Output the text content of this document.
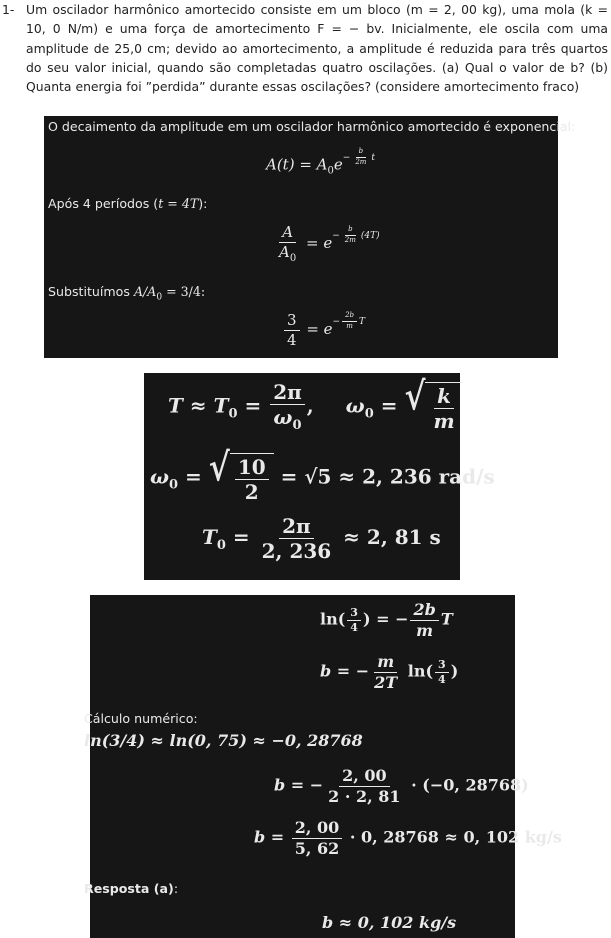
1- Um oscilador harmônico amortecido consiste em um bloco (m = 2, 00 kg), uma mola (k =
10, 0 N/m) e uma força de amortecimento F = − bv. Inicialmente, ele oscila com uma
amplitude de 25,0 cm; devido ao amortecimento, a amplitude é reduzida para três quartos
do seu valor inicial, quando são completadas quatro oscilações. (a) Qual o valor de b? (b)
Quanta energia foi ”perdida” durante essas oscilações? (considere amortecimento fraco)
O decaimento da amplitude em um oscilador harmônico amortecido é exponencial:
$A(t) = A_0e^{- \frac{b}{2m} t}$
Após 4 períodos (t = 4T):
$\frac{A}{A_0} = e^{- \frac{b}{2m} (4T)}$
Substituímos $A/A_0 = 3/4$:
$\frac{3}{4} = e^{- \frac{2b}{m} T}$
$T \approx T_0 = \frac{2\pi}{\omega_0}$ , $\omega_0$ = √ $\frac{k}{m}$
$\omega_0$ = √ $\frac{10}{2} = √5 \approx 2$, 236 rad/s
$T_0 = \frac{2\pi}{2, 236} \approx 2$, 81 s
$\ln( \frac{3}{4}$ ) = − $\frac{2b}{m}$ T
b = − $\frac{m}{2T} \ln( \frac{3}{4}$ )
Cálculo numérico:
ln(3/4) ≈ ln(0, 75) ≈ −0, 28768
b = − $\frac{2, 00}{2 \cdot 2, 81} \cdot (-0$, 28768)
$b = \frac{2, 00}{5, 62} \cdot 0$, 28768 ≈ 0, 102 kg/s
Resposta (a):
b ≈ 0, 102 kg/s
